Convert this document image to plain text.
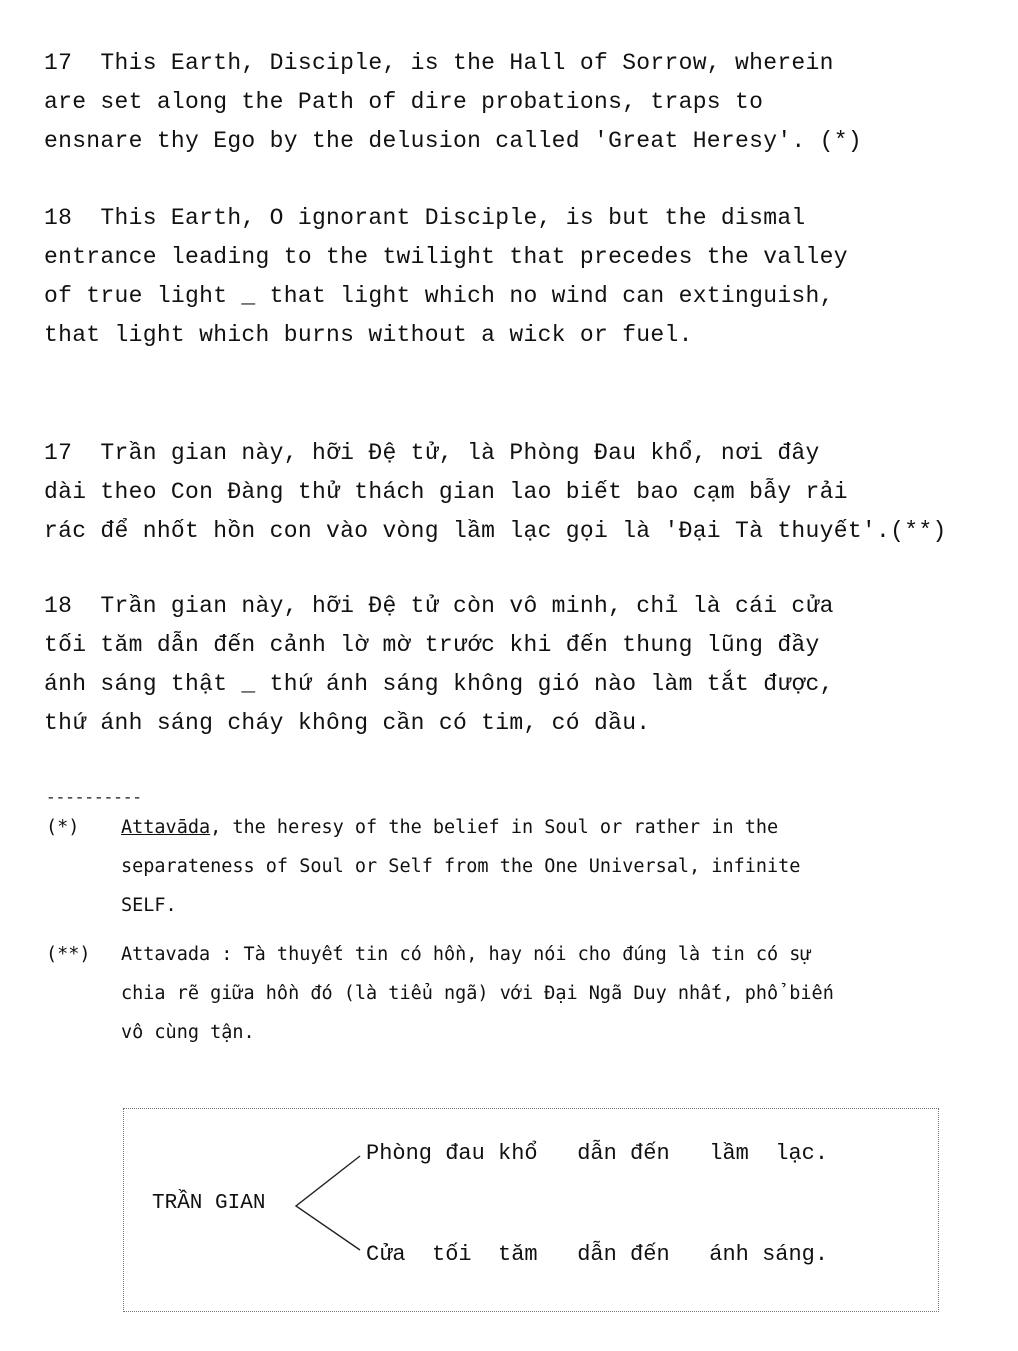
17  This Earth, Disciple, is the Hall of Sorrow, wherein
are set along the Path of dire probations, traps to
ensnare thy Ego by the delusion called 'Great Heresy'. (*)

18  This Earth, O ignorant Disciple, is but the dismal
entrance leading to the twilight that precedes the valley
of true light _ that light which no wind can extinguish,
that light which burns without a wick or fuel.

17  Trần gian này, hỡi Đệ tử, là Phòng Đau khổ, nơi đây
dài theo Con Đàng thử thách gian lao biết bao cạm bẫy rải
rác để nhốt hồn con vào vòng lầm lạc gọi là 'Đại Tà thuyết'.(**)

18  Trần gian này, hỡi Đệ tử còn vô minh, chỉ là cái cửa
tối tăm dẫn đến cảnh lờ mờ trước khi đến thung lũng đầy
ánh sáng thật _ thứ ánh sáng không gió nào làm tắt được,
thứ ánh sáng cháy không cần có tim, có dầu.

----------
(*) Attavāda, the heresy of the belief in Soul or rather in the
separateness of Soul or Self from the One Universal, infinite
SELF.
(**) Attavada : Tà thuyết tin có hồn, hay nói cho đúng là tin có sự
chia rẽ giữa hồn đó (là tiểu ngã) với Đại Ngã Duy nhất, phổ biến
vô cùng tận.
TRẦN GIAN
Phòng đau khổ   dẫn đến   lầm  lạc.
Cửa  tối  tăm   dẫn đến   ánh sáng.
